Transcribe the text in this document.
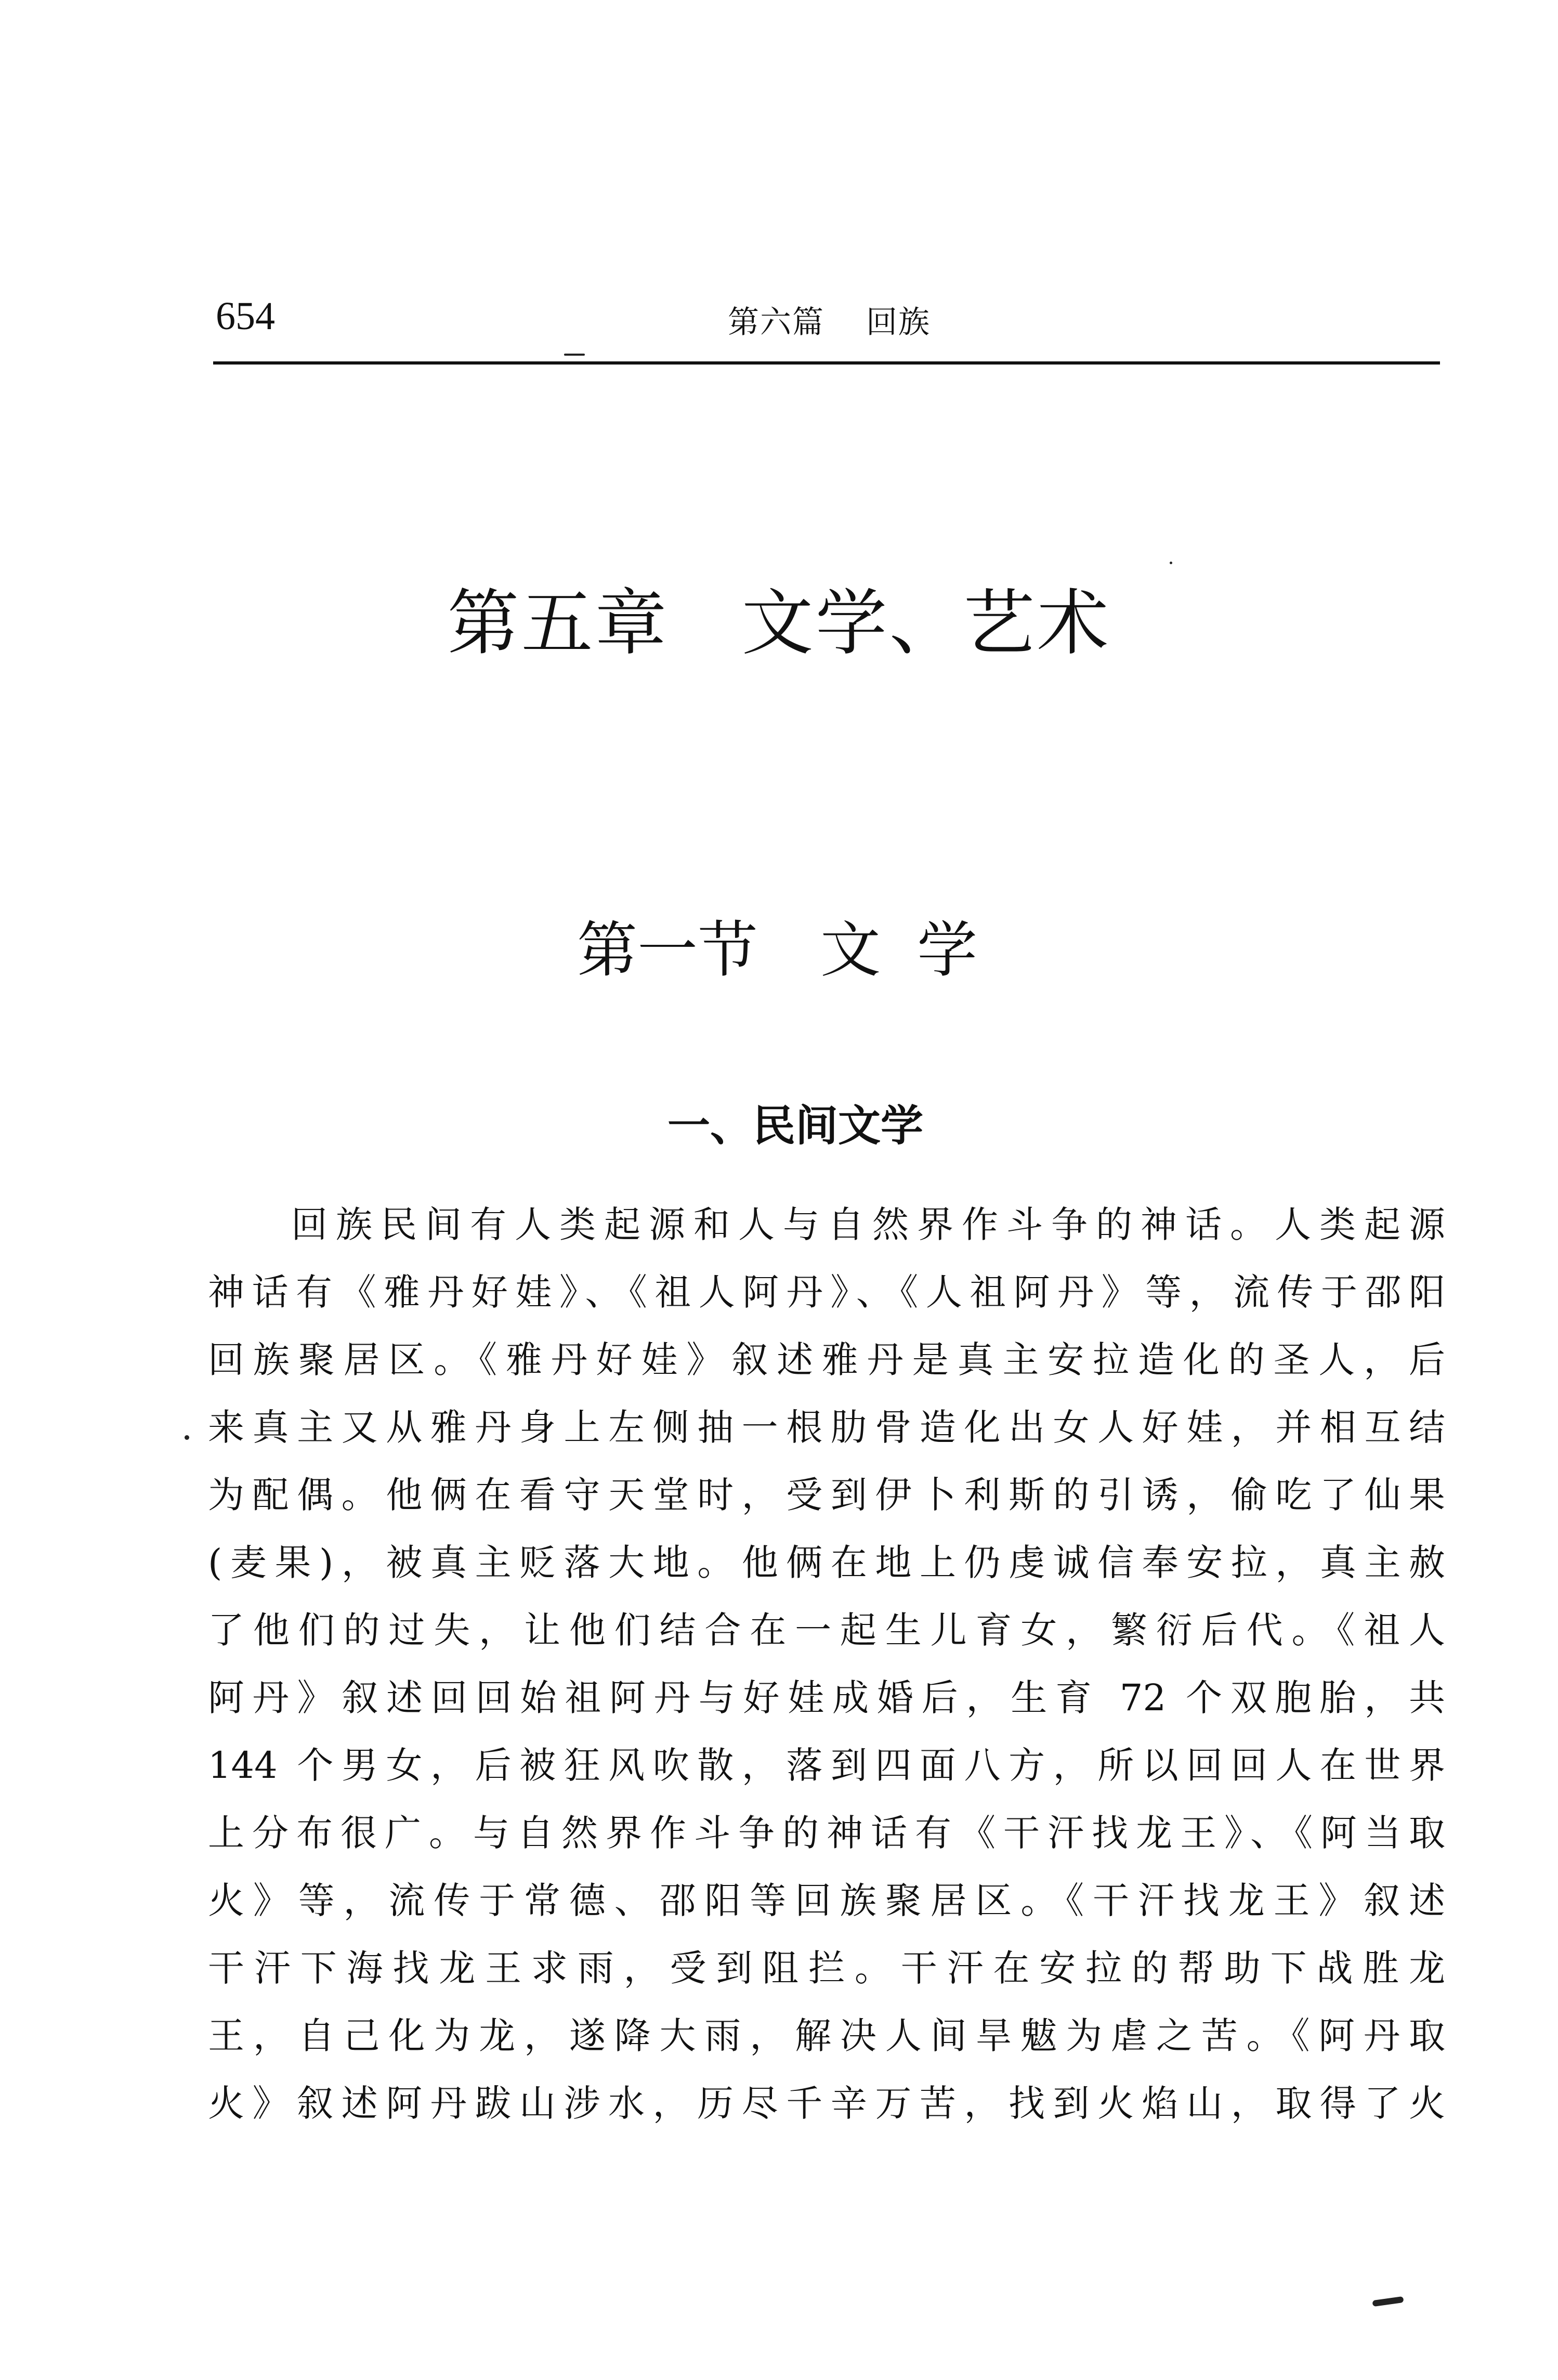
654	第六篇 回族
第五章 文学、艺术
第一节 文学
一、民间文学
回族民间有人类起源和人与自然界作斗争的神话。人类起源
神话有《雅丹好娃》、《祖人阿丹》、《人祖阿丹》等，流传于邵阳
回族聚居区。《雅丹好娃》叙述雅丹是真主安拉造化的圣人，后
来真主又从雅丹身上左侧抽一根肋骨造化出女人好娃，并相互结
为配偶。他俩在看守天堂时，受到伊卜利斯的引诱，偷吃了仙果
(麦果)，被真主贬落大地。他俩在地上仍虔诚信奉安拉，真主赦
了他们的过失，让他们结合在一起生儿育女，繁衍后代。《祖人
阿丹》叙述回回始祖阿丹与好娃成婚后，生育 72 个双胞胎，共
144 个男女，后被狂风吹散，落到四面八方，所以回回人在世界
上分布很广。与自然界作斗争的神话有《干汗找龙王》、《阿当取
火》等，流传于常德、邵阳等回族聚居区。《干汗找龙王》叙述
干汗下海找龙王求雨，受到阻拦。干汗在安拉的帮助下战胜龙
王，自己化为龙，遂降大雨，解决人间旱魃为虐之苦。《阿丹取
火》叙述阿丹跋山涉水，历尽千辛万苦，找到火焰山，取得了火
